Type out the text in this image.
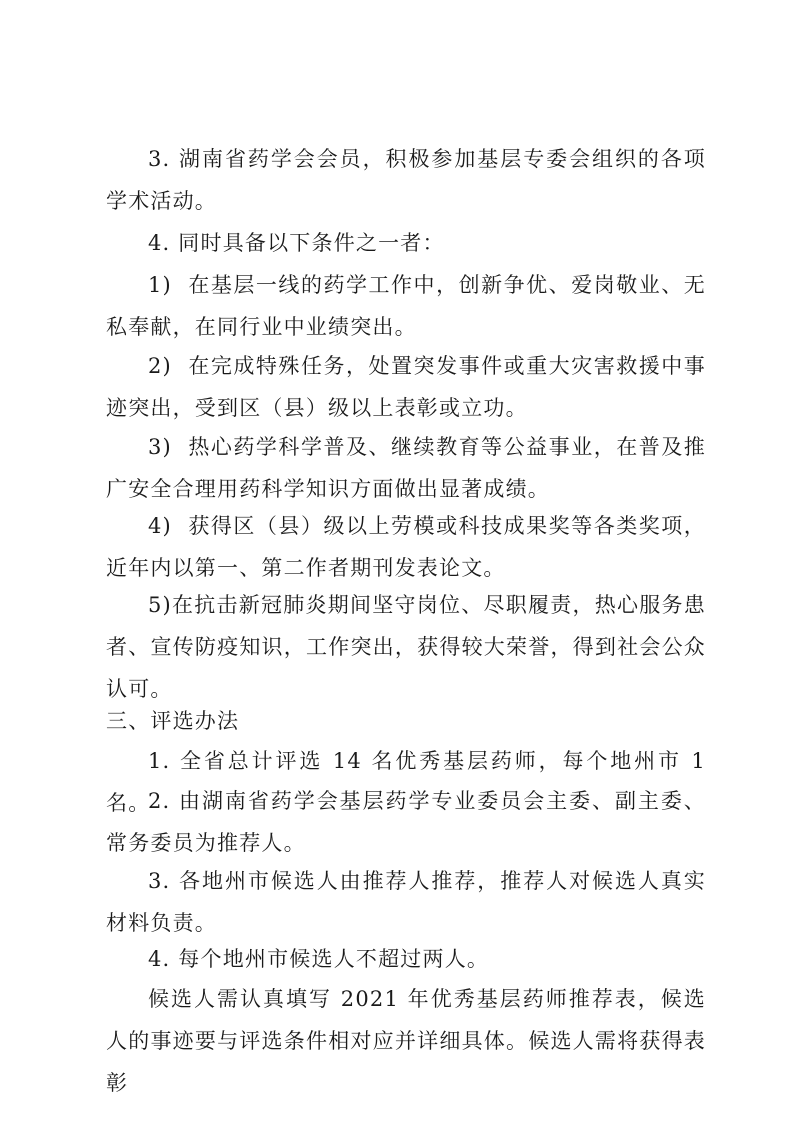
3. 湖南省药学会会员，积极参加基层专委会组织的各项学术活动。

4. 同时具备以下条件之一者：

1)  在基层一线的药学工作中，创新争优、爱岗敬业、无私奉献，在同行业中业绩突出。

2)  在完成特殊任务，处置突发事件或重大灾害救援中事迹突出，受到区（县）级以上表彰或立功。

3)  热心药学科学普及、继续教育等公益事业，在普及推广安全合理用药科学知识方面做出显著成绩。

4)  获得区（县）级以上劳模或科技成果奖等各类奖项，近年内以第一、第二作者期刊发表论文。

5)在抗击新冠肺炎期间坚守岗位、尽职履责，热心服务患者、宣传防疫知识，工作突出，获得较大荣誉，得到社会公众认可。

三、评选办法

1. 全省总计评选 14 名优秀基层药师，每个地州市 1 名。

2. 由湖南省药学会基层药学专业委员会主委、副主委、常务委员为推荐人。

3. 各地州市候选人由推荐人推荐，推荐人对候选人真实材料负责。

4. 每个地州市候选人不超过两人。

候选人需认真填写 2021 年优秀基层药师推荐表，候选人的事迹要与评选条件相对应并详细具体。候选人需将获得表彰
